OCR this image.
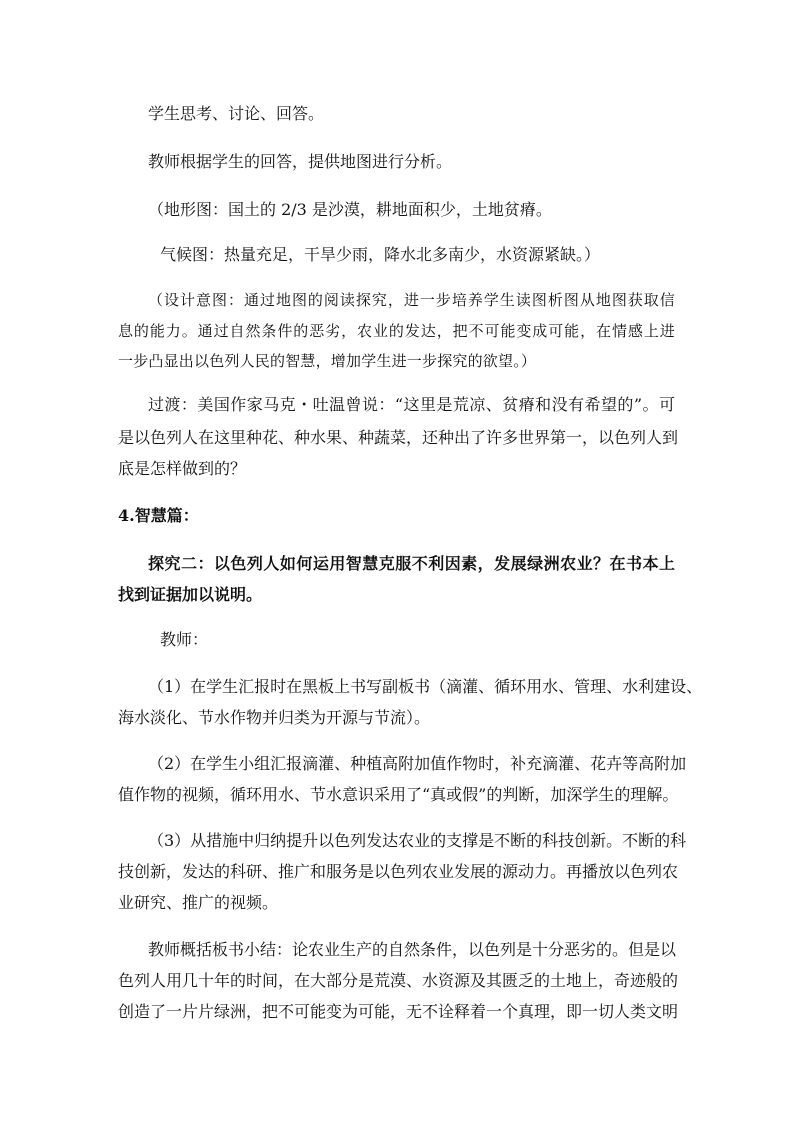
学生思考、讨论、回答。
教师根据学生的回答，提供地图进行分析。
（地形图：国土的 2/3 是沙漠，耕地面积少，土地贫瘠。
气候图：热量充足，干旱少雨，降水北多南少，水资源紧缺。）
（设计意图：通过地图的阅读探究，进一步培养学生读图析图从地图获取信
息的能力。通过自然条件的恶劣，农业的发达，把不可能变成可能，在情感上进
一步凸显出以色列人民的智慧，增加学生进一步探究的欲望。）
过渡：美国作家马克・吐温曾说：“这里是荒凉、贫瘠和没有希望的”。可
是以色列人在这里种花、种水果、种蔬菜，还种出了许多世界第一，以色列人到
底是怎样做到的？
4.智慧篇：
探究二：以色列人如何运用智慧克服不利因素，发展绿洲农业？在书本上
找到证据加以说明。
教师：
（1）在学生汇报时在黑板上书写副板书（滴灌、循环用水、管理、水利建设、
海水淡化、节水作物并归类为开源与节流）。
（2）在学生小组汇报滴灌、种植高附加值作物时，补充滴灌、花卉等高附加
值作物的视频，循环用水、节水意识采用了“真或假”的判断，加深学生的理解。
（3）从措施中归纳提升以色列发达农业的支撑是不断的科技创新。不断的科
技创新，发达的科研、推广和服务是以色列农业发展的源动力。再播放以色列农
业研究、推广的视频。
教师概括板书小结：论农业生产的自然条件，以色列是十分恶劣的。但是以
色列人用几十年的时间，在大部分是荒漠、水资源及其匮乏的土地上，奇迹般的
创造了一片片绿洲，把不可能变为可能，无不诠释着一个真理，即一切人类文明
